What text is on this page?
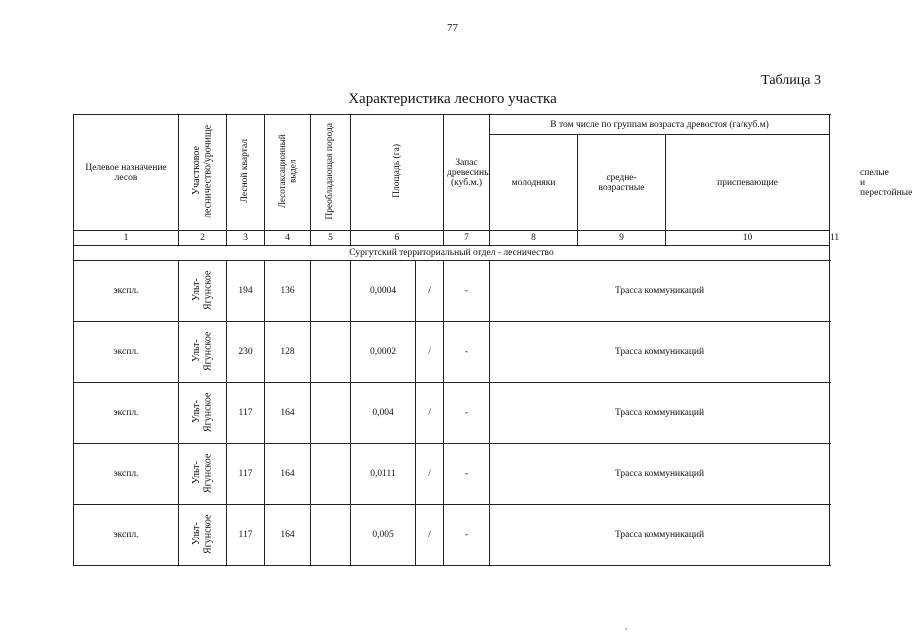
77
Таблица 3
Характеристика лесного участка
Целевое назначение лесов	Участковое лесничество/урочище	Лесной квартал	Лесотаксационный выдел	Преобладающая порода	Площадь (га)		Запас древесины (куб.м.)	В том числе по группам возраста древостоя (га/куб.м)			
								молодняки	средне-возрастные	приспевающие	спелые и перестойные
1	2	3	4	5	6		7	8	9	10	11
Сургутский территориальный отдел - лесничество											
экспл.	Ульт-Ягунское	194	136		0,0004	/	-	Трасса коммуникаций			
экспл.	Ульт-Ягунское	230	128		0,0002	/	-	Трасса коммуникаций			
экспл.	Ульт-Ягунское	117	164		0,004	/	-	Трасса коммуникаций			
экспл.	Ульт-Ягунское	117	164		0,0111	/	-	Трасса коммуникаций			
экспл.	Ульт-Ягунское	117	164		0,005	/	-	Трасса коммуникаций			
